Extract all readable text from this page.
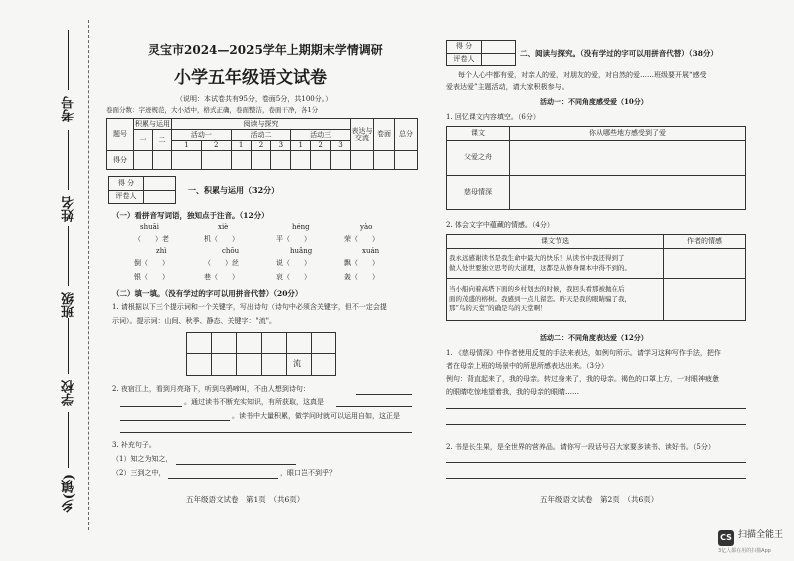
考号
姓名
班级
学校
乡(镇)
灵宝市2024—2025学年上期期末学情调研
小学五年级语文试卷
（说明：本试卷共有95分，卷面5分，共100分。）
卷面分数：字迹规范，大小适中，格式正确，卷面整洁，卷面干净，各1分
题号	积累与运用		阅读与探究								表达与交流	卷面	总分
	一	二	活动一		活动二			活动三					
			1	2	1	2	3	1	2	3			
得分													
得 分	
评卷人	
一、积累与运用（32分）
（一）看拼音写词语，独知点于注音。（12分）
shuāi	xiè	héng	yào
（　　）老	机（　　）	平（　　）	荣（　　）
zhì	chōu	huǎng	xuán
倒（　　）	（　　）丝	说（　　）	飘（　　）
银（　　）	巷（　　）	哀（　　）	轰（　　）
（二）填一填。（没有学过的字可以用拼音代替）（20分）
1. 请根据以下三个提示词和一个关键字，写出诗句（诗句中必须含关键字，但不一定会提
示词）。提示词：山间、秋季、静态、关键字："流"。
流
2. 夜宿江上，看到月亮珞下，听到乌鸦啼叫，不由人想到诗句：
。通过读书不断充实知识，有所获取，这真是
。读书中大量积累，做学问时就可以运用自如，这正是
3. 补充句子。
（1）知之为知之，
（2）三到之中，	，眼口岂不到乎？
五年级语文试卷　第1页　（共6页）
得 分	
评卷人	
二、阅读与探究。（没有学过的字可以用拼音代替）（38分）
每个人心中都有爱，对亲人的爱，对朋友的爱，对自然的爱……班级要开展“感受
爱表达爱”主题活动，请大家积极参与。
活动一：不同角度感受爱（10分）
1. 回忆课文内容填空。（6分）
课文	你从哪些地方感受到了爱
父爱之舟	
慈母情深	
2. 体会文字中蕴藏的情感。（4分）
课文节选	作者的情感

我永远感谢读书是我生命中最大的快乐！从读书中我还得到了
做人处世要独立思考的大道理，这都是从修身课本中得不到的。	

当小船向着高塔下面的乡村划去的时候，我回头看那被抛在后
面的茂盛的榕树。我感到一点儿留恋。昨天是我的眼睛骗了我，
那“鸟的天堂”的确是鸟的天堂啊！	

活动二：不同角度表达爱（12分）
1. 《慈母情深》中作者使用反复的手法来表达，如例句所示。请学习这种写作手法，把作
者在母亲上班的场景中的所思所感表达出来。（3分）
例句：背直起来了，我的母亲。转过身来了，我的母亲。褐色的口罩上方，一对眼神疲惫
的眼睛吃惊地望着我，我的母亲的眼睛……
2. 书是长生果，是全世界的营养品。请你写一段话号召大家要多读书、读好书。（5分）
五年级语文试卷　第2页　（共6页）
CS 扫描全能王
3亿人都在用的扫描App
